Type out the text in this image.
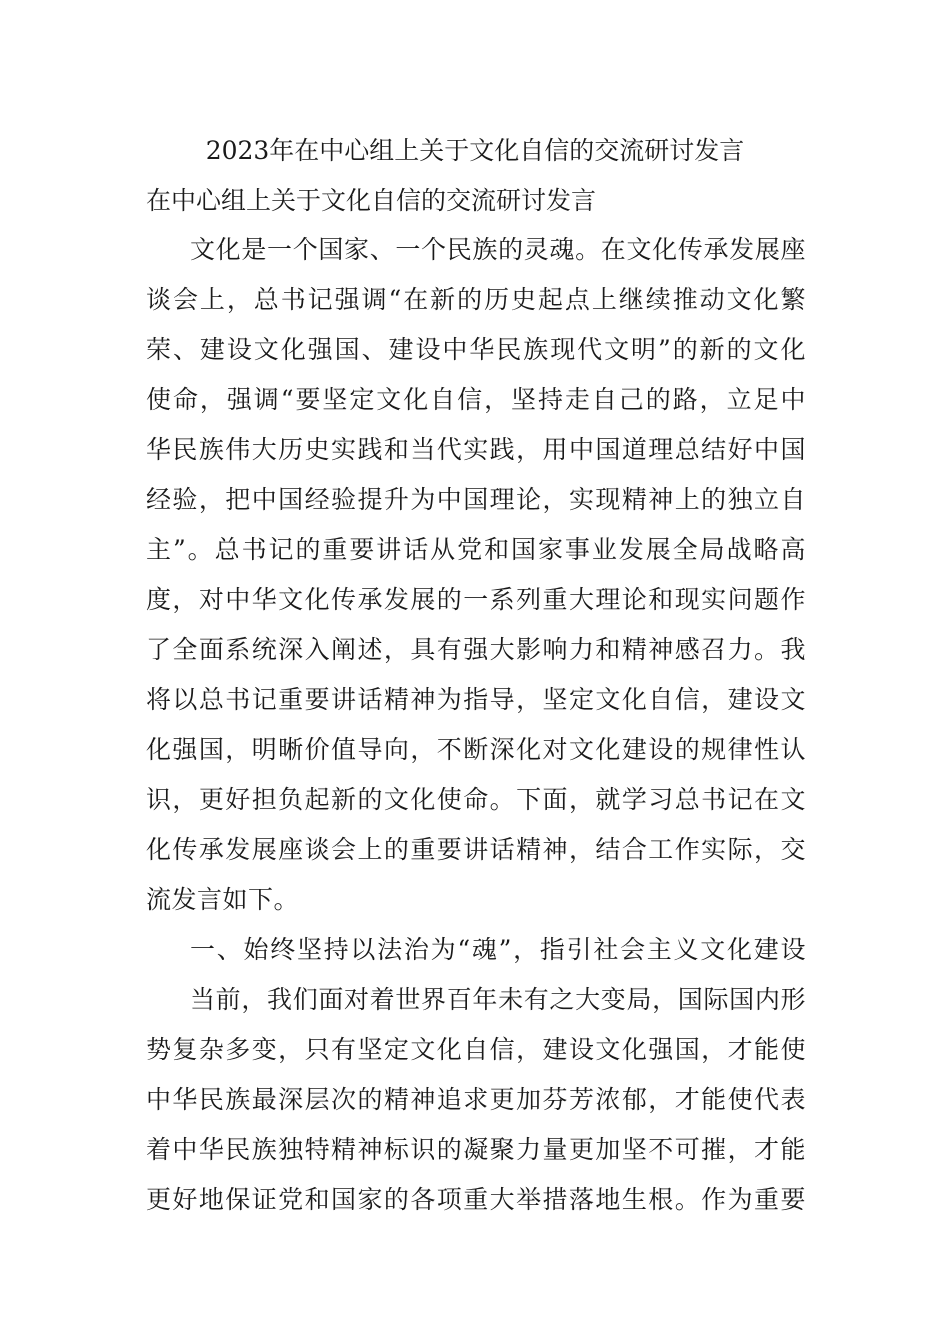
2023年在中心组上关于文化自信的交流研讨发言
在中心组上关于文化自信的交流研讨发言
文化是一个国家、一个民族的灵魂。在文化传承发展座
谈会上，总书记强调“在新的历史起点上继续推动文化繁
荣、建设文化强国、建设中华民族现代文明”的新的文化
使命，强调“要坚定文化自信，坚持走自己的路，立足中
华民族伟大历史实践和当代实践，用中国道理总结好中国
经验，把中国经验提升为中国理论，实现精神上的独立自
主”。总书记的重要讲话从党和国家事业发展全局战略高
度，对中华文化传承发展的一系列重大理论和现实问题作
了全面系统深入阐述，具有强大影响力和精神感召力。我
将以总书记重要讲话精神为指导，坚定文化自信，建设文
化强国，明晰价值导向，不断深化对文化建设的规律性认
识，更好担负起新的文化使命。下面，就学习总书记在文
化传承发展座谈会上的重要讲话精神，结合工作实际，交
流发言如下。
一、始终坚持以法治为“魂”，指引社会主义文化建设
当前，我们面对着世界百年未有之大变局，国际国内形
势复杂多变，只有坚定文化自信，建设文化强国，才能使
中华民族最深层次的精神追求更加芬芳浓郁，才能使代表
着中华民族独特精神标识的凝聚力量更加坚不可摧，才能
更好地保证党和国家的各项重大举措落地生根。作为重要
